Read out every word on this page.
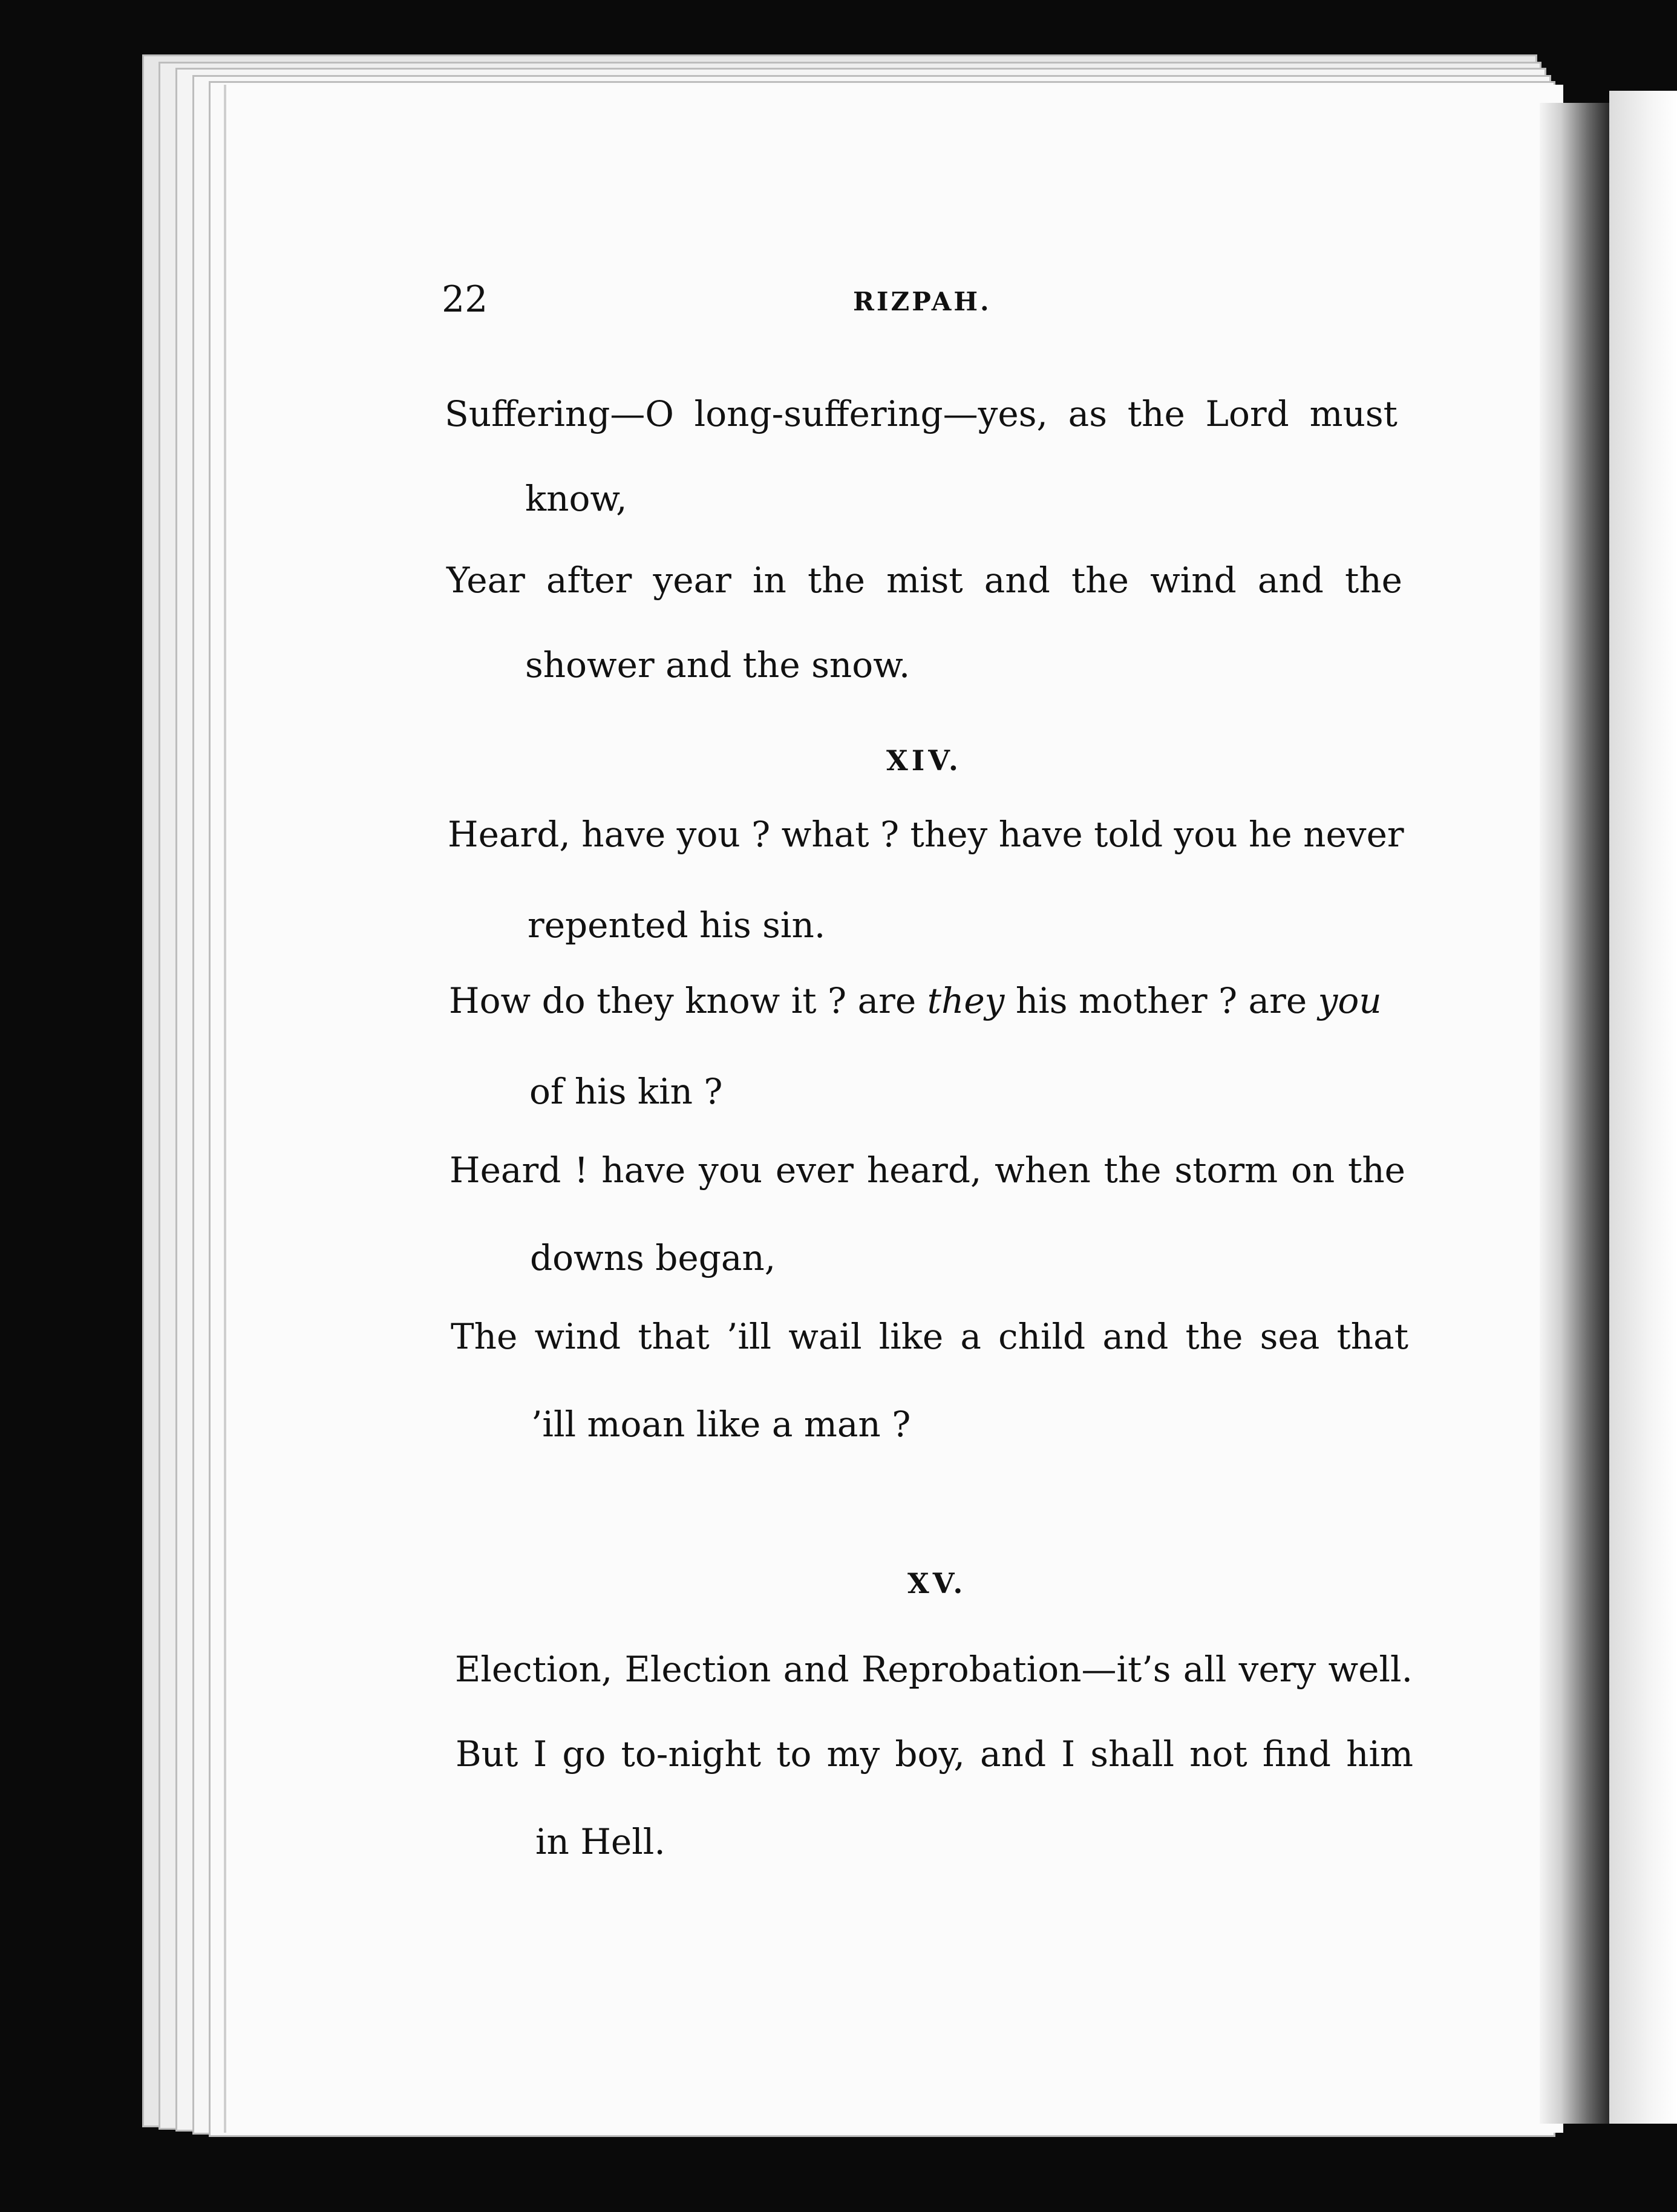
22	RIZPAH.
Suffering—O long-suffering—yes, as the Lord must
know,
Year after year in the mist and the wind and the
shower and the snow.
XIV.
Heard, have you ? what ? they have told you he never
repented his sin.
How do they know it ? are they his mother ? are you
of his kin ?
Heard ! have you ever heard, when the storm on the
downs began,
The wind that ’ill wail like a child and the sea that
’ill moan like a man ?
XV.
Election, Election and Reprobation—it’s all very well.
But I go to-night to my boy, and I shall not find him
in Hell.
